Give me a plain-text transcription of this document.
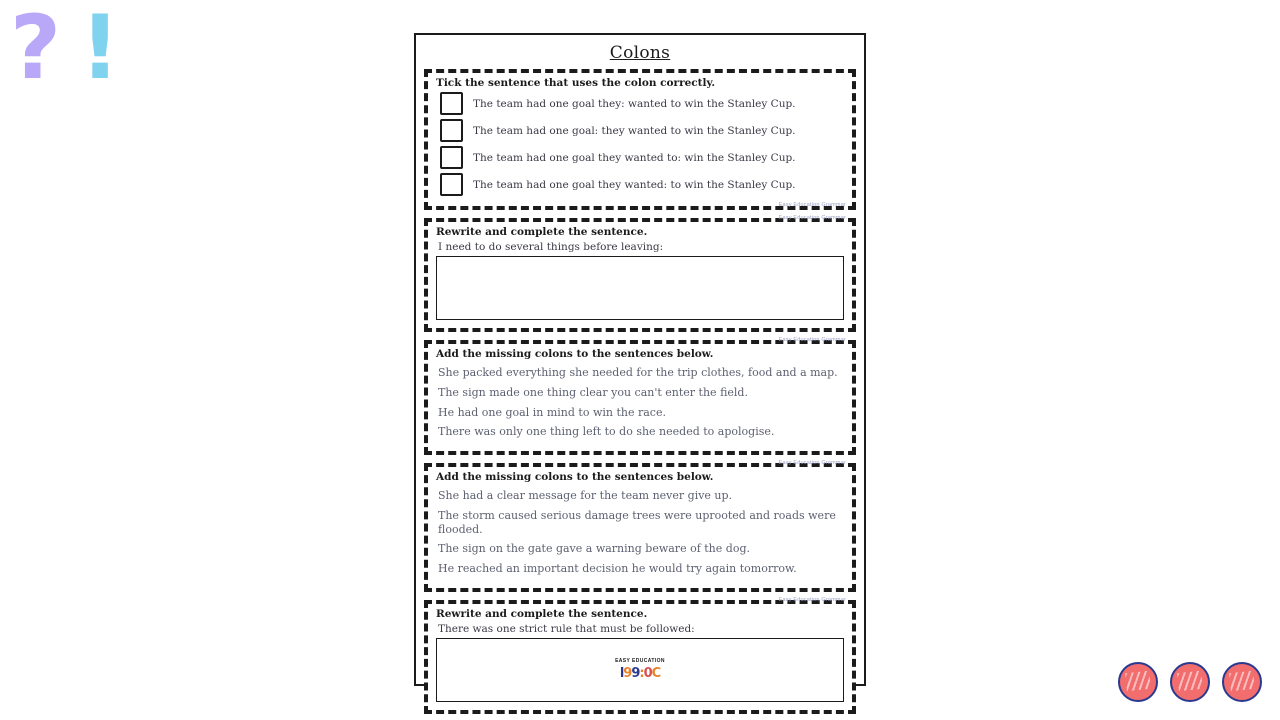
? !	Colons
Tick the sentence that uses the colon correctly.
The team had one goal they: wanted to win the Stanley Cup.
The team had one goal: they wanted to win the Stanley Cup.
The team had one goal they wanted to: win the Stanley Cup.
The team had one goal they wanted: to win the Stanley Cup.
Easy Education Grammar
Easy Education Grammar
Rewrite and complete the sentence.
I need to do several things before leaving:
Easy Education Grammar
Add the missing colons to the sentences below.
She packed everything she needed for the trip clothes, food and a map.
The sign made one thing clear you can't enter the field.
He had one goal in mind to win the race.
There was only one thing left to do she needed to apologise.
Easy Education Grammar
Add the missing colons to the sentences below.
She had a clear message for the team never give up.
The storm caused serious damage trees were uprooted and roads were flooded.
The sign on the gate gave a warning beware of the dog.
He reached an important decision he would try again tomorrow.
Easy Education Grammar
Rewrite and complete the sentence.
There was one strict rule that must be followed:
EASY EDUCATION
l99:0C
